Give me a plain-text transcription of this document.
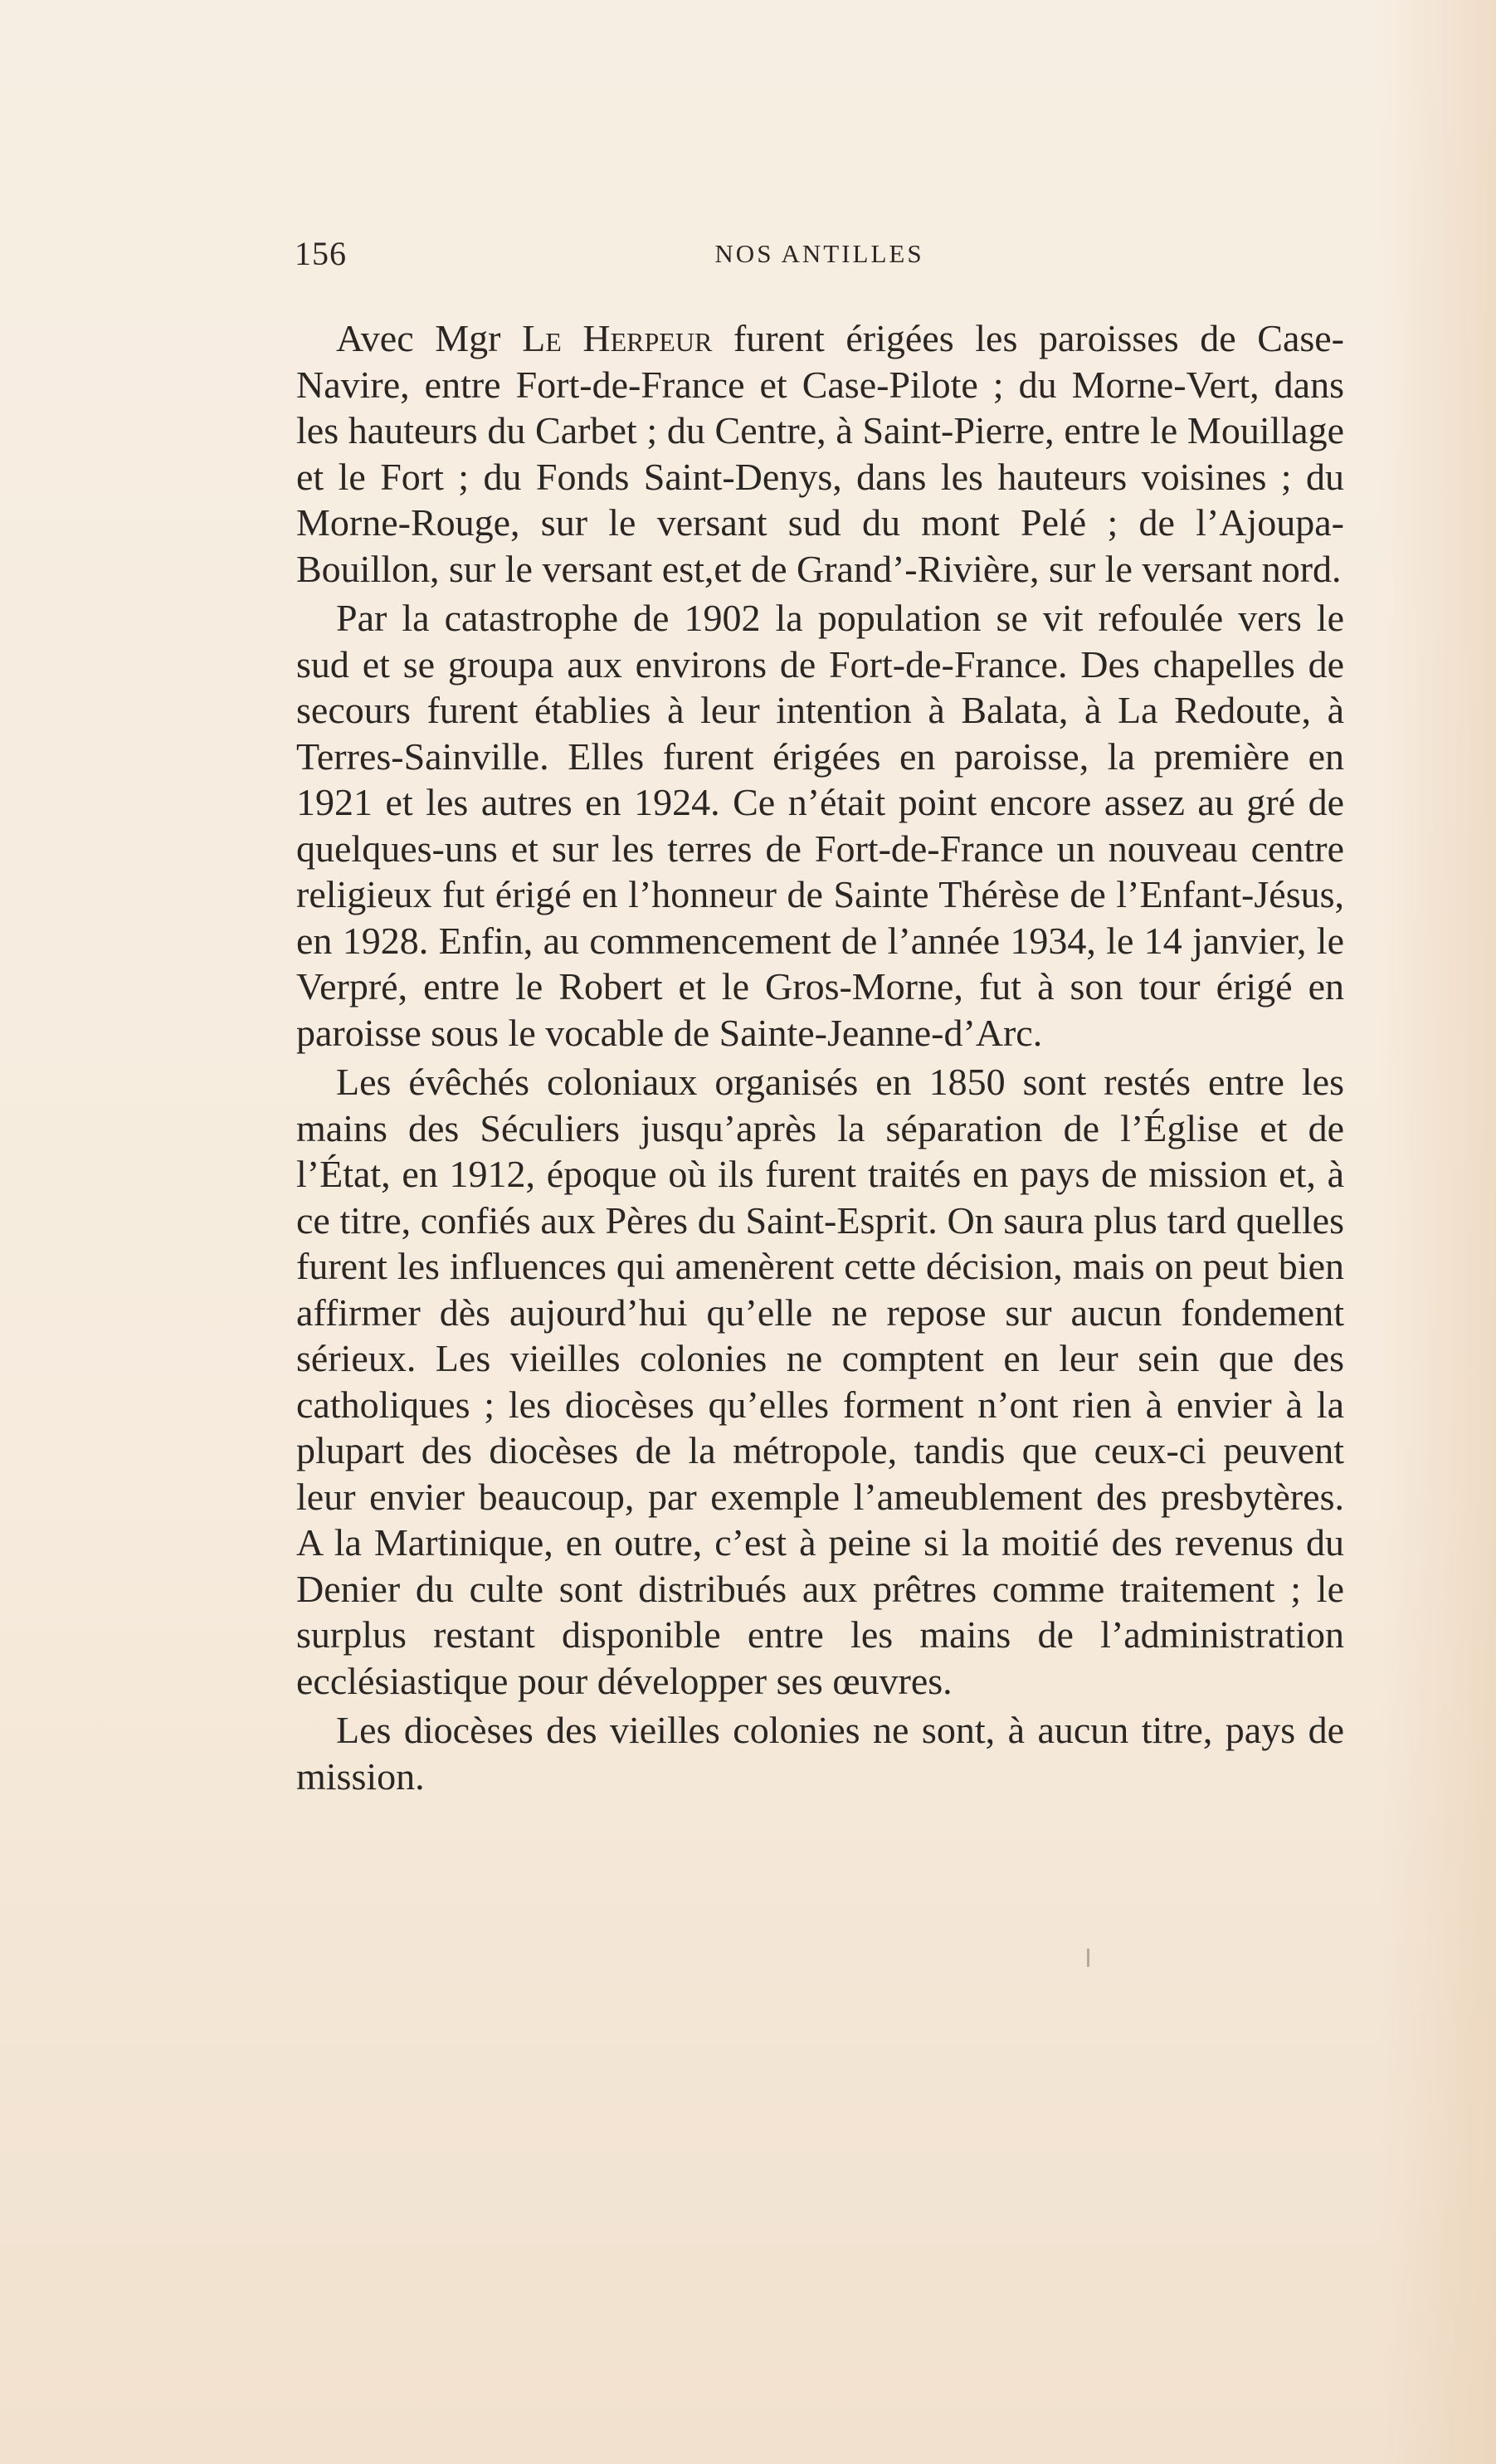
156	NOS ANTILLES

Avec Mgr Le Herpeur furent érigées les paroisses de Case-Navire, entre Fort-de-France et Case-Pilote ; du Morne-Vert, dans les hauteurs du Carbet ; du Centre, à Saint-Pierre, entre le Mouillage et le Fort ; du Fonds Saint-Denys, dans les hauteurs voisines ; du Morne-Rouge, sur le versant sud du mont Pelé ; de l’Ajoupa-Bouillon, sur le versant est,et de Grand’-Rivière, sur le versant nord.

Par la catastrophe de 1902 la population se vit refoulée vers le sud et se groupa aux environs de Fort-de-France. Des chapelles de secours furent établies à leur intention à Balata, à La Redoute, à Terres-Sainville. Elles furent érigées en paroisse, la première en 1921 et les autres en 1924. Ce n’était point encore assez au gré de quelques-uns et sur les terres de Fort-de-France un nouveau centre religieux fut érigé en l’honneur de Sainte Thérèse de l’Enfant-Jésus, en 1928. Enfin, au commencement de l’année 1934, le 14 janvier, le Verpré, entre le Robert et le Gros-Morne, fut à son tour érigé en paroisse sous le vocable de Sainte-Jeanne-d’Arc.

Les évêchés coloniaux organisés en 1850 sont restés entre les mains des Séculiers jusqu’après la séparation de l’Église et de l’État, en 1912, époque où ils furent traités en pays de mission et, à ce titre, confiés aux Pères du Saint-Esprit. On saura plus tard quelles furent les influences qui amenèrent cette décision, mais on peut bien affirmer dès aujourd’hui qu’elle ne repose sur aucun fondement sérieux. Les vieilles colonies ne comptent en leur sein que des catholiques ; les diocèses qu’elles forment n’ont rien à envier à la plupart des diocèses de la métropole, tandis que ceux-ci peuvent leur envier beaucoup, par exemple l’ameublement des presbytères. A la Martinique, en outre, c’est à peine si la moitié des revenus du Denier du culte sont distribués aux prêtres comme traitement ; le surplus restant disponible entre les mains de l’administration ecclésiastique pour développer ses œuvres.

Les diocèses des vieilles colonies ne sont, à aucun titre, pays de mission.
